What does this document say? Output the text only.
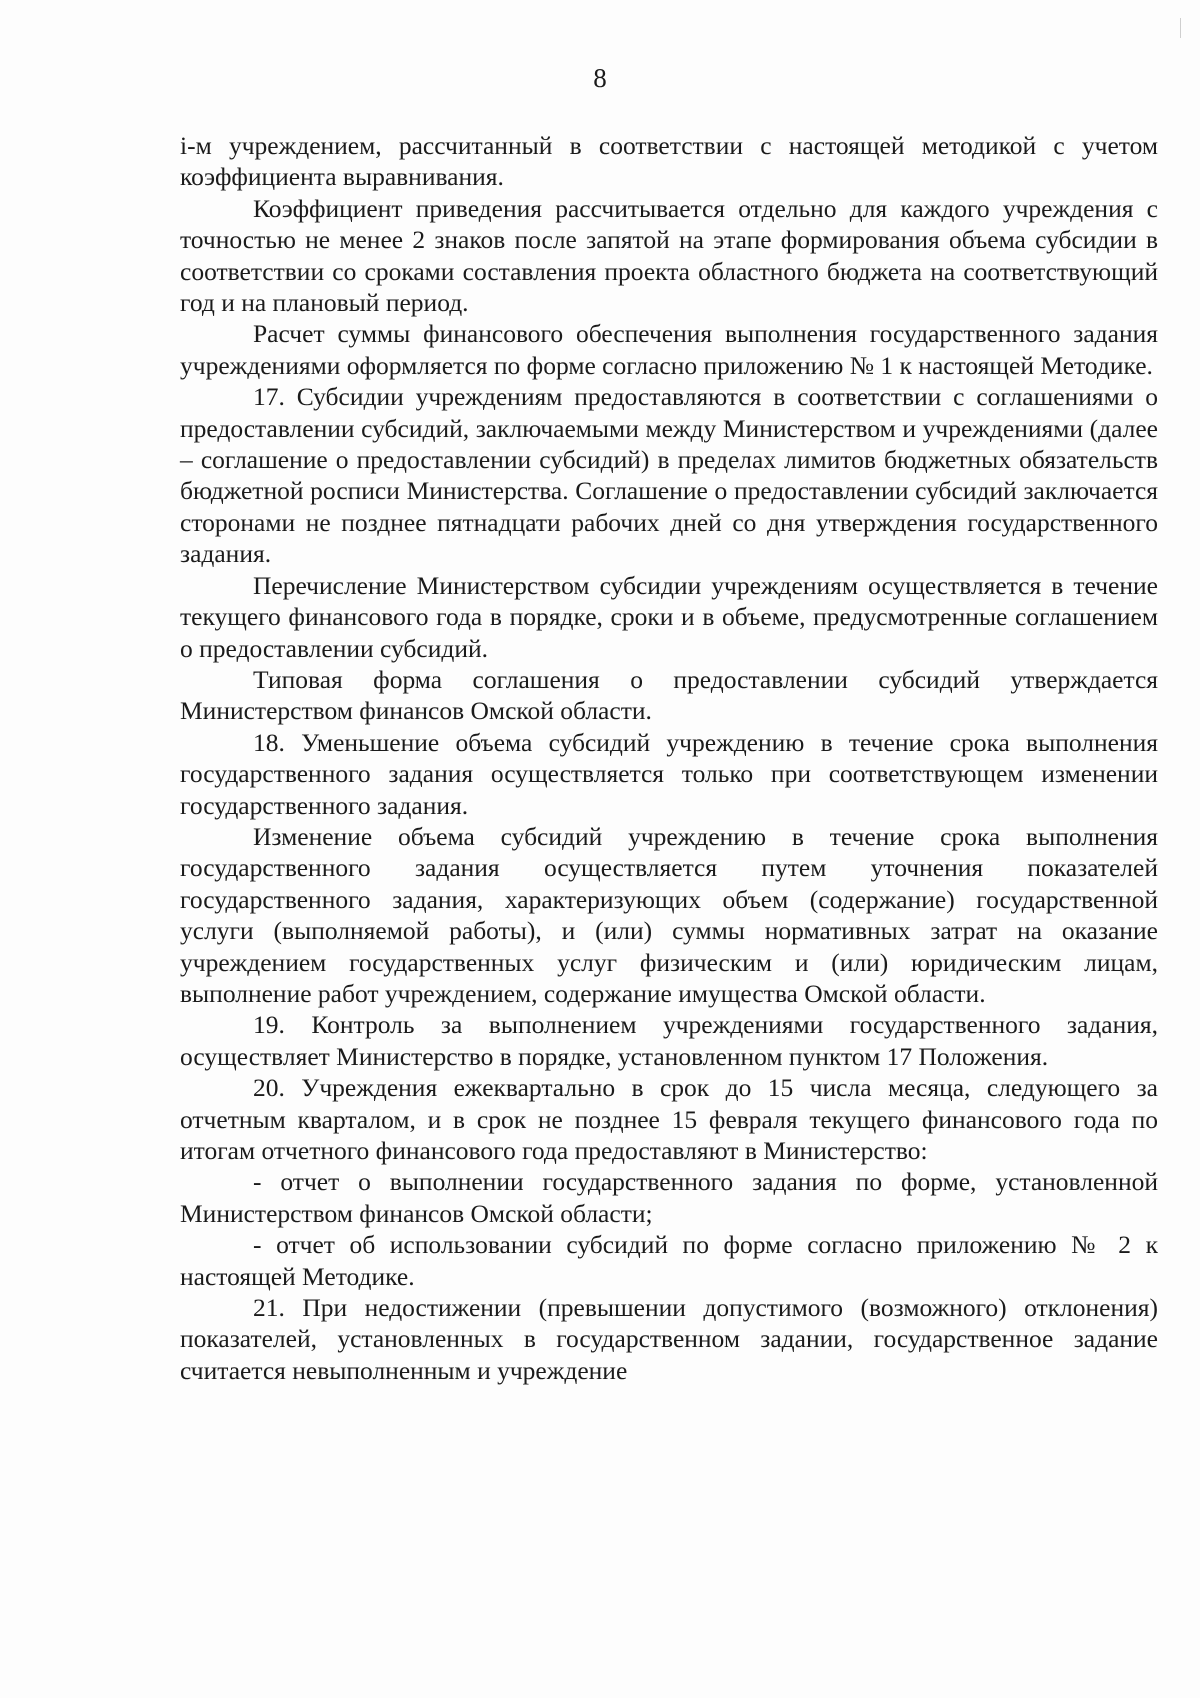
8

i-м учреждением, рассчитанный в соответствии с настоящей методикой с учетом коэффициента выравнивания.

Коэффициент приведения рассчитывается отдельно для каждого учреждения с точностью не менее 2 знаков после запятой на этапе формирования объема субсидии в соответствии со сроками составления проекта областного бюджета на соответствующий год и на плановый период.

Расчет суммы финансового обеспечения выполнения государственного задания учреждениями оформляется по форме согласно приложению № 1 к настоящей Методике.

17. Субсидии учреждениям предоставляются в соответствии с соглашениями о предоставлении субсидий, заключаемыми между Министерством и учреждениями (далее – соглашение о предоставлении субсидий) в пределах лимитов бюджетных обязательств бюджетной росписи Министерства. Соглашение о предоставлении субсидий заключается сторонами не позднее пятнадцати рабочих дней со дня утверждения государственного задания.

Перечисление Министерством субсидии учреждениям осуществляется в течение текущего финансового года в порядке, сроки и в объеме, предусмотренные соглашением о предоставлении субсидий.

Типовая форма соглашения о предоставлении субсидий утверждается Министерством финансов Омской области.

18. Уменьшение объема субсидий учреждению в течение срока выполнения государственного задания осуществляется только при соответствующем изменении государственного задания.

Изменение объема субсидий учреждению в течение срока выполнения государственного задания осуществляется путем уточнения показателей государственного задания, характеризующих объем (содержание) государственной услуги (выполняемой работы), и (или) суммы нормативных затрат на оказание учреждением государственных услуг физическим и (или) юридическим лицам, выполнение работ учреждением, содержание имущества Омской области.

19. Контроль за выполнением учреждениями государственного задания, осуществляет Министерство в порядке, установленном пунктом 17 Положения.

20. Учреждения ежеквартально в срок до 15 числа месяца, следующего за отчетным кварталом, и в срок не позднее 15 февраля текущего финансового года по итогам отчетного финансового года предоставляют в Министерство:

- отчет о выполнении государственного задания по форме, установленной Министерством финансов Омской области;

- отчет об использовании субсидий по форме согласно приложению № 2 к настоящей Методике.

21. При недостижении (превышении допустимого (возможного) отклонения) показателей, установленных в государственном задании, государственное задание считается невыполненным и учреждение
